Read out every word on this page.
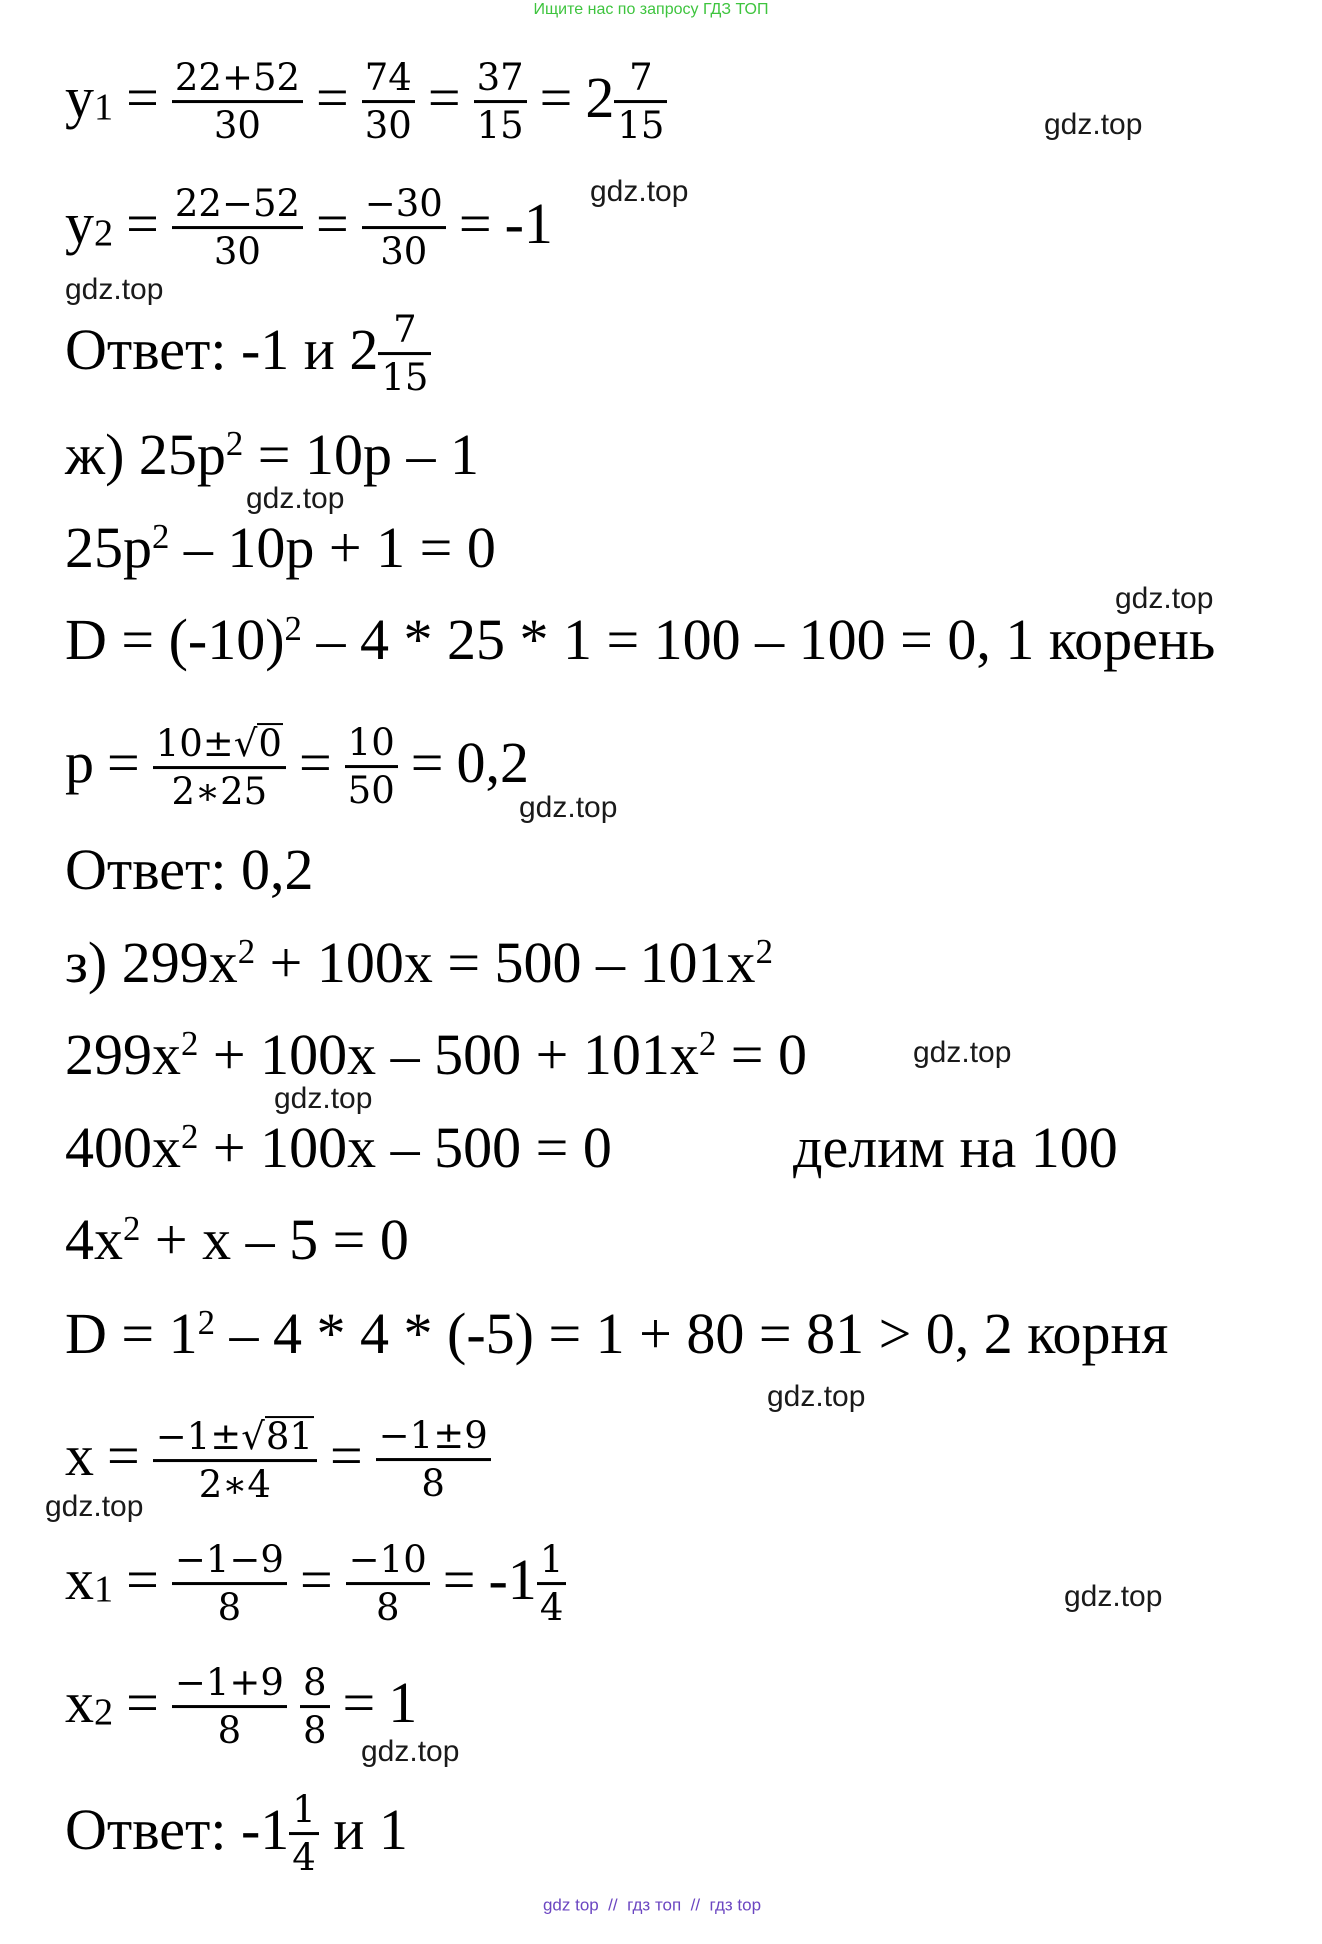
Ищите нас по запросу ГДЗ ТОП
gdz.top
gdz.top
gdz.top
gdz.top
gdz.top
gdz.top
gdz.top
gdz.top
gdz.top
gdz.top
gdz.top
gdz.top
$y1 = \frac{22+52}{30} = \frac{74}{30} = \frac{37}{15} = 2 \frac{7}{15}$
$y2 = \frac{22-52}{30} = \frac{-30}{30} = -1$
Ответ: -1 и $2 \frac{7}{15}$
ж) $25p^2 = 10p - 1$
$25p^2 - 10p + 1 = 0$
$D = (-10)^2 - 4 * 25 * 1 = 100 - 100 = 0$, 1 корень
$p = \frac{10\pm√0}{2∗25} = \frac{10}{50} = 0,2$
Ответ: 0,2
з) $299x^2 + 100x = 500 - 101x^2$
$299x^2 + 100x - 500 + 101x^2 = 0$
$400x^2 + 100x - 500 = 0$	делим на 100
$4x^2 + x - 5 = 0$
$D = 1^2 - 4 * 4 * (-5) = 1 + 80 = 81 > 0$, 2 корня
$x = \frac{-1\pm√81}{2∗4} = \frac{-1\pm 9}{8}$
$x1 = \frac{-1-9}{8} = \frac{-10}{8} = -1 \frac{1}{4}$
$x2 = \frac{-1+9}{8} \frac{8}{8} = 1$
Ответ: $-1 \frac{1}{4}$ и 1
gdz top  //  гдз топ  //  гдз top
